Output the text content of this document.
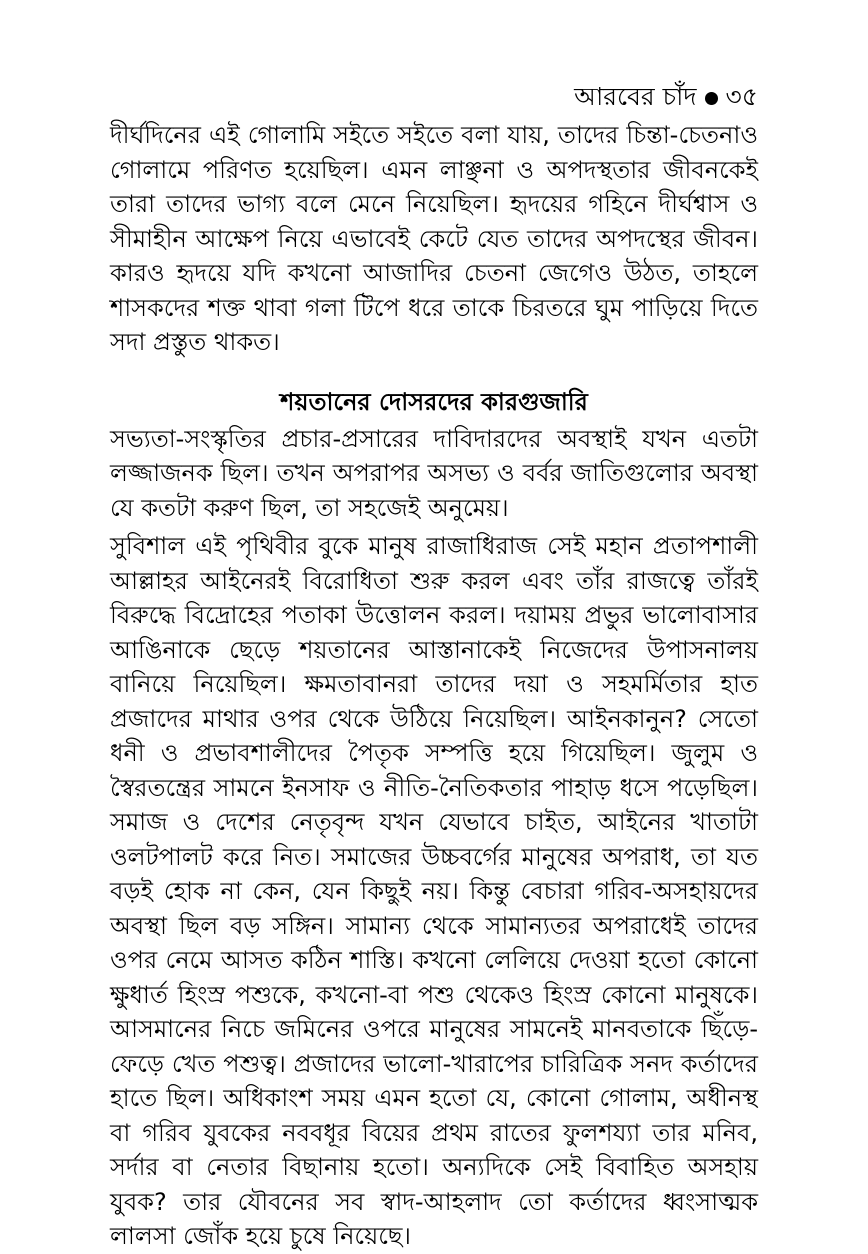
আরবের চাঁদ ৩৫

দীর্ঘদিনের এই গোলামি সইতে সইতে বলা যায়, তাদের চিন্তা-চেতনাও গোলামে পরিণত হয়েছিল। এমন লাঞ্ছনা ও অপদস্থতার জীবনকেই তারা তাদের ভাগ্য বলে মেনে নিয়েছিল। হৃদয়ের গহিনে দীর্ঘশ্বাস ও সীমাহীন আক্ষেপ নিয়ে এভাবেই কেটে যেত তাদের অপদস্থের জীবন। কারও হৃদয়ে যদি কখনো আজাদির চেতনা জেগেও উঠত, তাহলে শাসকদের শক্ত থাবা গলা টিপে ধরে তাকে চিরতরে ঘুম পাড়িয়ে দিতে সদা প্রস্তুত থাকত।

শয়তানের দোসরদের কারগুজারি

সভ্যতা-সংস্কৃতির প্রচার-প্রসারের দাবিদারদের অবস্থাই যখন এতটা লজ্জাজনক ছিল। তখন অপরাপর অসভ্য ও বর্বর জাতিগুলোর অবস্থা যে কতটা করুণ ছিল, তা সহজেই অনুমেয়।

সুবিশাল এই পৃথিবীর বুকে মানুষ রাজাধিরাজ সেই মহান প্রতাপশালী আল্লাহর আইনেরই বিরোধিতা শুরু করল এবং তাঁর রাজত্বে তাঁরই বিরুদ্ধে বিদ্রোহের পতাকা উত্তোলন করল। দয়াময় প্রভুর ভালোবাসার আঙিনাকে ছেড়ে শয়তানের আস্তানাকেই নিজেদের উপাসনালয় বানিয়ে নিয়েছিল। ক্ষমতাবানরা তাদের দয়া ও সহমর্মিতার হাত প্রজাদের মাথার ওপর থেকে উঠিয়ে নিয়েছিল। আইনকানুন? সেতো ধনী ও প্রভাবশালীদের পৈতৃক সম্পত্তি হয়ে গিয়েছিল। জুলুম ও স্বৈরতন্ত্রের সামনে ইনসাফ ও নীতি-নৈতিকতার পাহাড় ধসে পড়েছিল। সমাজ ও দেশের নেতৃবৃন্দ যখন যেভাবে চাইত, আইনের খাতাটা ওলটপালট করে নিত। সমাজের উচ্চবর্গের মানুষের অপরাধ, তা যত বড়ই হোক না কেন, যেন কিছুই নয়। কিন্তু বেচারা গরিব-অসহায়দের অবস্থা ছিল বড় সঙ্গিন। সামান্য থেকে সামান্যতর অপরাধেই তাদের ওপর নেমে আসত কঠিন শাস্তি। কখনো লেলিয়ে দেওয়া হতো কোনো ক্ষুধার্ত হিংস্র পশুকে, কখনো-বা পশু থেকেও হিংস্র কোনো মানুষকে। আসমানের নিচে জমিনের ওপরে মানুষের সামনেই মানবতাকে ছিঁড়ে-ফেড়ে খেত পশুত্ব। প্রজাদের ভালো-খারাপের চারিত্রিক সনদ কর্তাদের হাতে ছিল। অধিকাংশ সময় এমন হতো যে, কোনো গোলাম, অধীনস্থ বা গরিব যুবকের নববধূর বিয়ের প্রথম রাতের ফুলশয্যা তার মনিব, সর্দার বা নেতার বিছানায় হতো। অন্যদিকে সেই বিবাহিত অসহায় যুবক? তার যৌবনের সব স্বাদ-আহলাদ তো কর্তাদের ধ্বংসাত্মক লালসা জোঁক হয়ে চুষে নিয়েছে।
